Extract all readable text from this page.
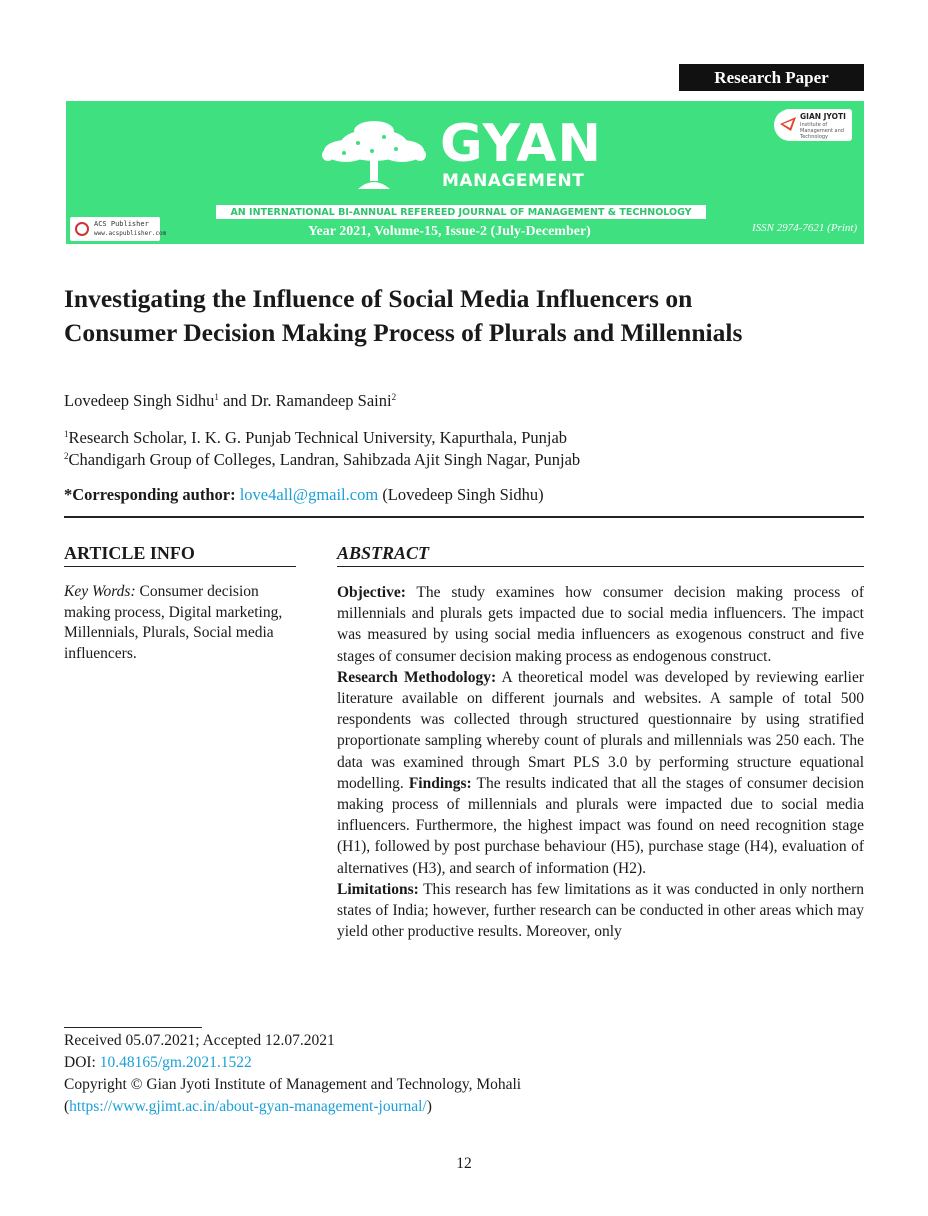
Research Paper
GYAN
MANAGEMENT
AN INTERNATIONAL BI-ANNUAL REFEREED JOURNAL OF MANAGEMENT & TECHNOLOGY
Year 2021, Volume-15, Issue-2 (July-December)	ISSN 2974-7621 (Print)
ACS Publisher
www.acspublisher.com
GIAN JYOTI
Institute of Management and Technology
Investigating the Influence of Social Media Influencers on Consumer Decision Making Process of Plurals and Millennials
Lovedeep Singh Sidhu$^1$ and Dr. Ramandeep Saini$^2$
$^1$Research Scholar, I. K. G. Punjab Technical University, Kapurthala, Punjab
$^2$Chandigarh Group of Colleges, Landran, Sahibzada Ajit Singh Nagar, Punjab
*Corresponding author: love4all@gmail.com (Lovedeep Singh Sidhu)
ARTICLE INFO
Key Words: Consumer decision making process, Digital marketing, Millennials, Plurals, Social media influencers.
ABSTRACT

Objective: The study examines how consumer decision making process of millennials and plurals gets impacted due to social media influencers. The impact was measured by using social media influencers as exogenous construct and five stages of consumer decision making process as endogenous construct.

Research Methodology: A theoretical model was developed by reviewing earlier literature available on different journals and websites. A sample of total 500 respondents was collected through structured questionnaire by using stratified proportionate sampling whereby count of plurals and millennials was 250 each. The data was examined through Smart PLS 3.0 by performing structure equational modelling. Findings: The results indicated that all the stages of consumer decision making process of millennials and plurals were impacted due to social media influencers. Furthermore, the highest impact was found on need recognition stage (H1), followed by post purchase behaviour (H5), purchase stage (H4), evaluation of alternatives (H3), and search of information (H2).

Limitations: This research has few limitations as it was conducted in only northern states of India; however, further research can be conducted in other areas which may yield other productive results. Moreover, only

Received 05.07.2021; Accepted 12.07.2021
DOI: 10.48165/gm.2021.1522
Copyright © Gian Jyoti Institute of Management and Technology, Mohali
(https://www.gjimt.ac.in/about-gyan-management-journal/)
12
